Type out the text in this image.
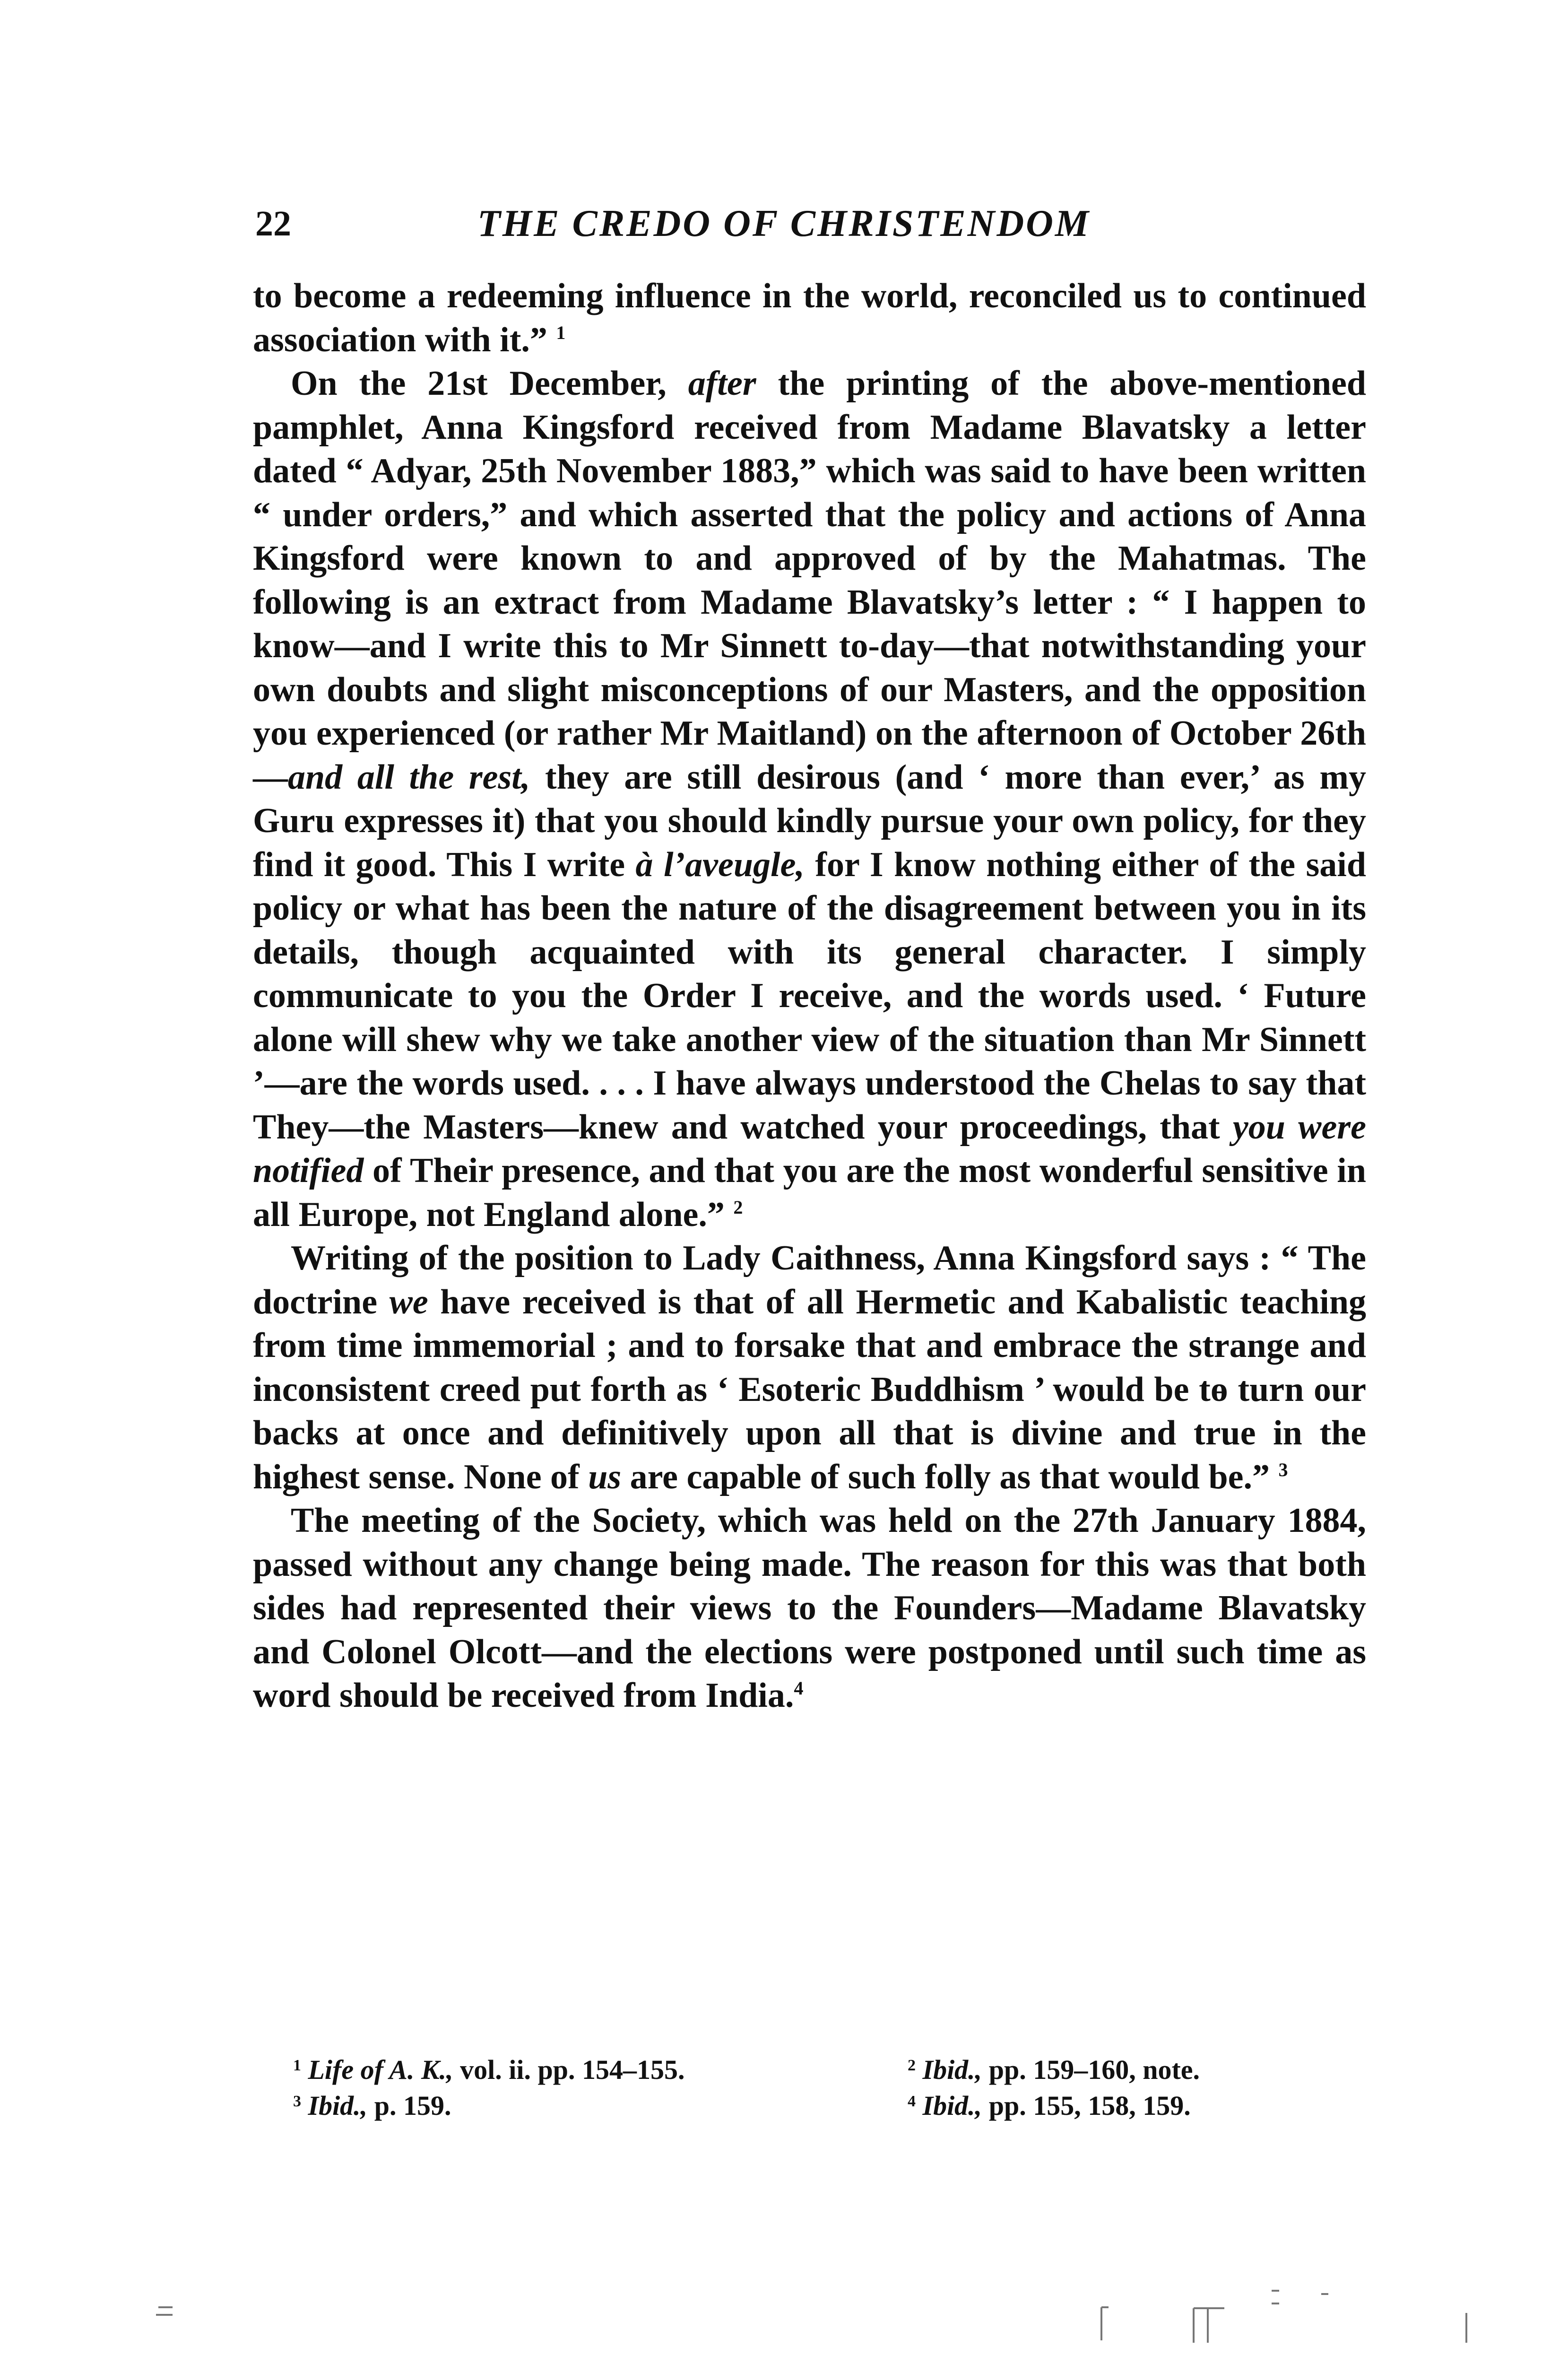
22	THE CREDO OF CHRISTENDOM

to become a redeeming influence in the world, reconciled us to continued association with it.” $^1$

On the 21st December, after the printing of the above-mentioned pamphlet, Anna Kingsford received from Madame Blavatsky a letter dated “ Adyar, 25th November 1883,” which was said to have been written “ under orders,” and which asserted that the policy and actions of Anna Kingsford were known to and approved of by the Mahatmas. The following is an extract from Madame Blavatsky’s letter : “ I happen to know—and I write this to Mr Sinnett to-day—that notwithstanding your own doubts and slight misconceptions of our Masters, and the opposition you experienced (or rather Mr Maitland) on the afternoon of October 26th—and all the rest, they are still desirous (and ‘ more than ever,’ as my Guru expresses it) that you should kindly pursue your own policy, for they find it good. This I write à l’aveugle, for I know nothing either of the said policy or what has been the nature of the disagreement between you in its details, though acquainted with its general character. I simply communicate to you the Order I receive, and the words used. ‘ Future alone will shew why we take another view of the situation than Mr Sinnett ’—are the words used. . . . I have always understood the Chelas to say that They—the Masters—knew and watched your proceedings, that you were notified of Their presence, and that you are the most wonderful sensitive in all Europe, not England alone.” $^2$

Writing of the position to Lady Caithness, Anna Kingsford says : “ The doctrine we have received is that of all Hermetic and Kabalistic teaching from time immemorial ; and to forsake that and embrace the strange and inconsistent creed put forth as ‘ Esoteric Buddhism ’ would be tɵ turn our backs at once and definitively upon all that is divine and true in the highest sense. None of us are capable of such folly as that would be.” $^3$

The meeting of the Society, which was held on the 27th January 1884, passed without any change being made. The reason for this was that both sides had represented their views to the Founders—Madame Blavatsky and Colonel Olcott—and the elections were postponed until such time as word should be received from India.$^4$

$^1$ Life of A. K., vol. ii. pp. 154–155.	$^2$ Ibid., pp. 159–160, note.
$^3$ Ibid., p. 159.	$^4$ Ibid., pp. 155, 158, 159.
